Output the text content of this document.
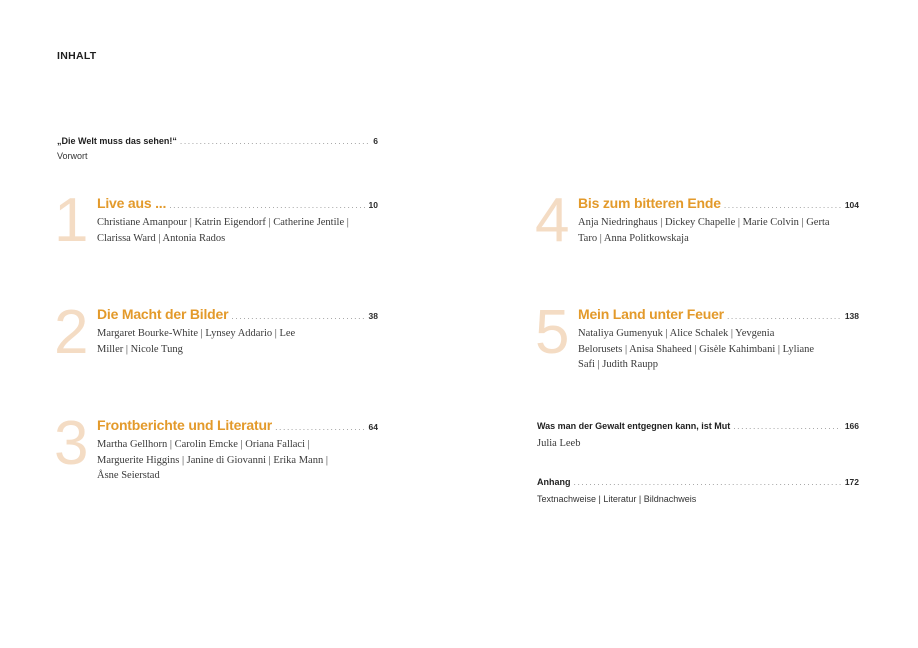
INHALT
„Die Welt muss das sehen!“ .....	6
Vorwort
1 Live aus ... .....	10
Christiane Amanpour | Katrin Eigendorf | Catherine Jentile | Clarissa Ward | Antonia Rados
2 Die Macht der Bilder .....	38
Margaret Bourke-White | Lynsey Addario | Lee Miller | Nicole Tung
3 Frontberichte und Literatur .....	64
Martha Gellhorn | Carolin Emcke | Oriana Fallaci | Marguerite Higgins | Janine di Giovanni | Erika Mann | Åsne Seierstad
4 Bis zum bitteren Ende .....	104
Anja Niedringhaus | Dickey Chapelle | Marie Colvin | Gerta Taro | Anna Politkowskaja
5 Mein Land unter Feuer .....	138
Nataliya Gumenyuk | Alice Schalek | Yevgenia Belorusets | Anisa Shaheed | Gisèle Kahimbani | Lyliane Safi | Judith Raupp
Was man der Gewalt entgegnen kann, ist Mut .....	166
Julia Leeb
Anhang .....	172
Textnachweise | Literatur | Bildnachweis
